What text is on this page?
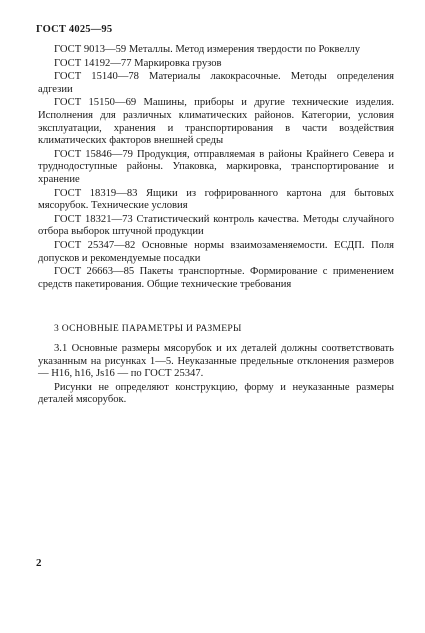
ГОСТ 4025—95

ГОСТ 9013—59 Металлы. Метод измерения твердости по Роквеллу

ГОСТ 14192—77 Маркировка грузов

ГОСТ 15140—78 Материалы лакокрасочные. Методы определения адгезии

ГОСТ 15150—69 Машины, приборы и другие технические изделия. Исполнения для различных климатических районов. Категории, условия эксплуатации, хранения и транспортирования в части воздействия климатических факторов внешней среды

ГОСТ 15846—79 Продукция, отправляемая в районы Крайнего Севера и труднодоступные районы. Упаковка, маркировка, транспортирование и хранение

ГОСТ 18319—83 Ящики из гофрированного картона для бытовых мясорубок. Технические условия

ГОСТ 18321—73 Статистический контроль качества. Методы случайного отбора выборок штучной продукции

ГОСТ 25347—82 Основные нормы взаимозаменяемости. ЕСДП. Поля допусков и рекомендуемые посадки

ГОСТ 26663—85 Пакеты транспортные. Формирование с применением средств пакетирования. Общие технические требования

3 ОСНОВНЫЕ ПАРАМЕТРЫ И РАЗМЕРЫ

3.1 Основные размеры мясорубок и их деталей должны соответствовать указанным на рисунках 1—5. Неуказанные предельные отклонения размеров — H16, h16, Js16 — по ГОСТ 25347.

Рисунки не определяют конструкцию, форму и неуказанные размеры деталей мясорубок.

2
